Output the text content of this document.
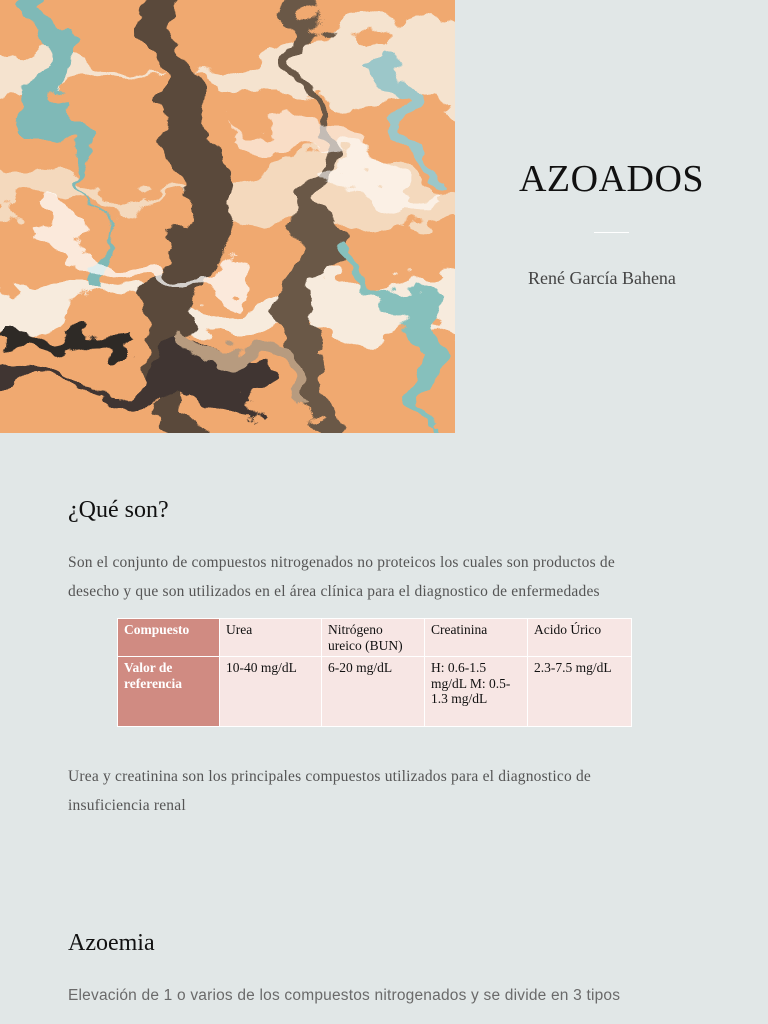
AZOADOS
René García Bahena
¿Qué son?
Son el conjunto de compuestos nitrogenados no proteicos los cuales son productos de
desecho y que son utilizados en el área clínica para el diagnostico de enfermedades
Compuesto	Urea	Nitrógeno ureico (BUN)	Creatinina	Acido Úrico
Valor de referencia	10-40 mg/dL	6-20 mg/dL	H: 0.6-1.5 mg/dL M: 0.5-1.3 mg/dL	2.3-7.5 mg/dL
Urea y creatinina son los principales compuestos utilizados para el diagnostico de
insuficiencia renal
Azoemia
Elevación de 1 o varios de los compuestos nitrogenados y se divide en 3 tipos
